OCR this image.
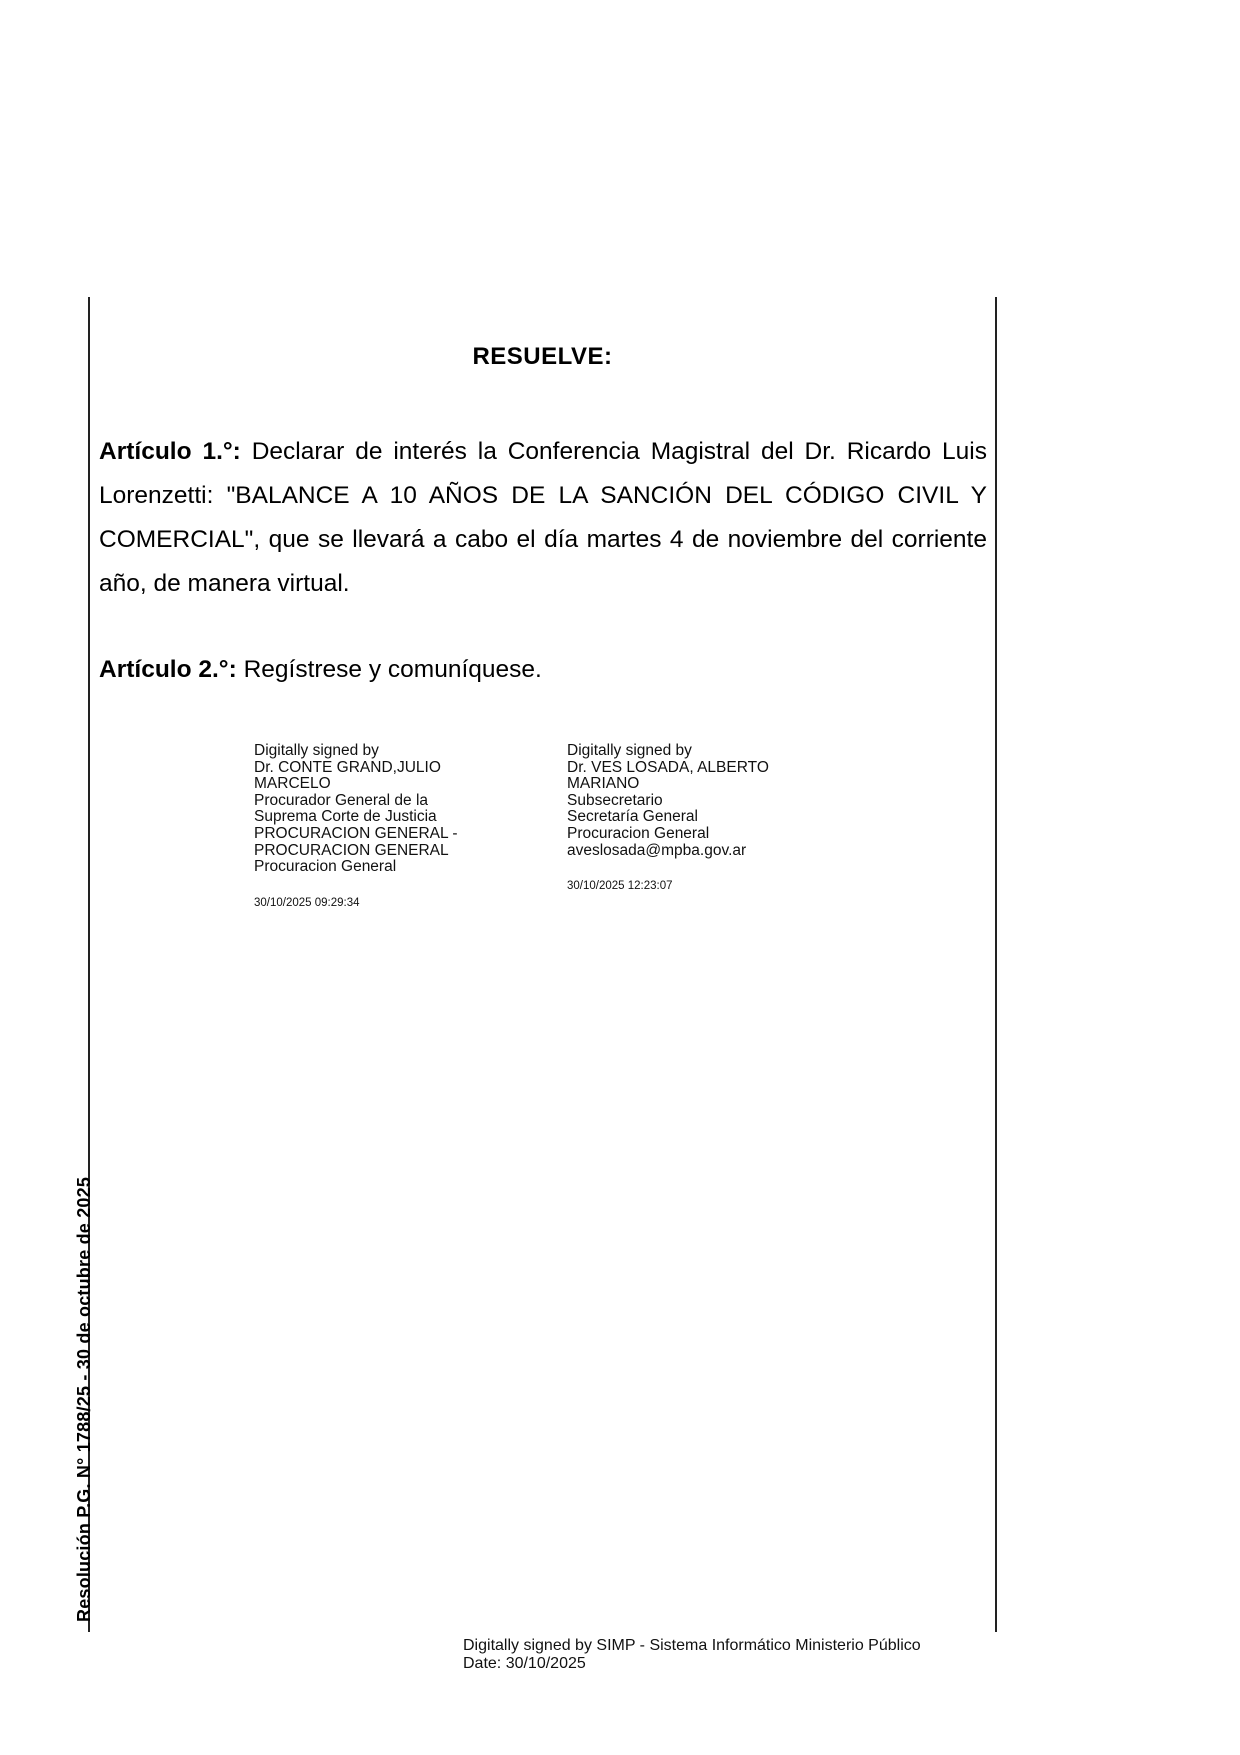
RESUELVE:
Artículo 1.°: Declarar de interés la Conferencia Magistral del Dr. Ricardo Luis Lorenzetti: "BALANCE A 10 AÑOS DE LA SANCIÓN DEL CÓDIGO CIVIL Y COMERCIAL", que se llevará a cabo el día martes 4 de noviembre del corriente año, de manera virtual.
Artículo 2.°: Regístrese y comuníquese.
Digitally signed by
Dr. CONTE GRAND,JULIO
MARCELO
Procurador General de la
Suprema Corte de Justicia
PROCURACION GENERAL -
PROCURACION GENERAL
Procuracion General
30/10/2025 09:29:34
Digitally signed by
Dr. VES LOSADA, ALBERTO
MARIANO
Subsecretario
Secretaría General
Procuracion General
aveslosada@mpba.gov.ar
30/10/2025 12:23:07
Resolución P.G. N° 1788/25 - 30 de octubre de 2025
Digitally signed by SIMP - Sistema Informático Ministerio Público
Date: 30/10/2025
